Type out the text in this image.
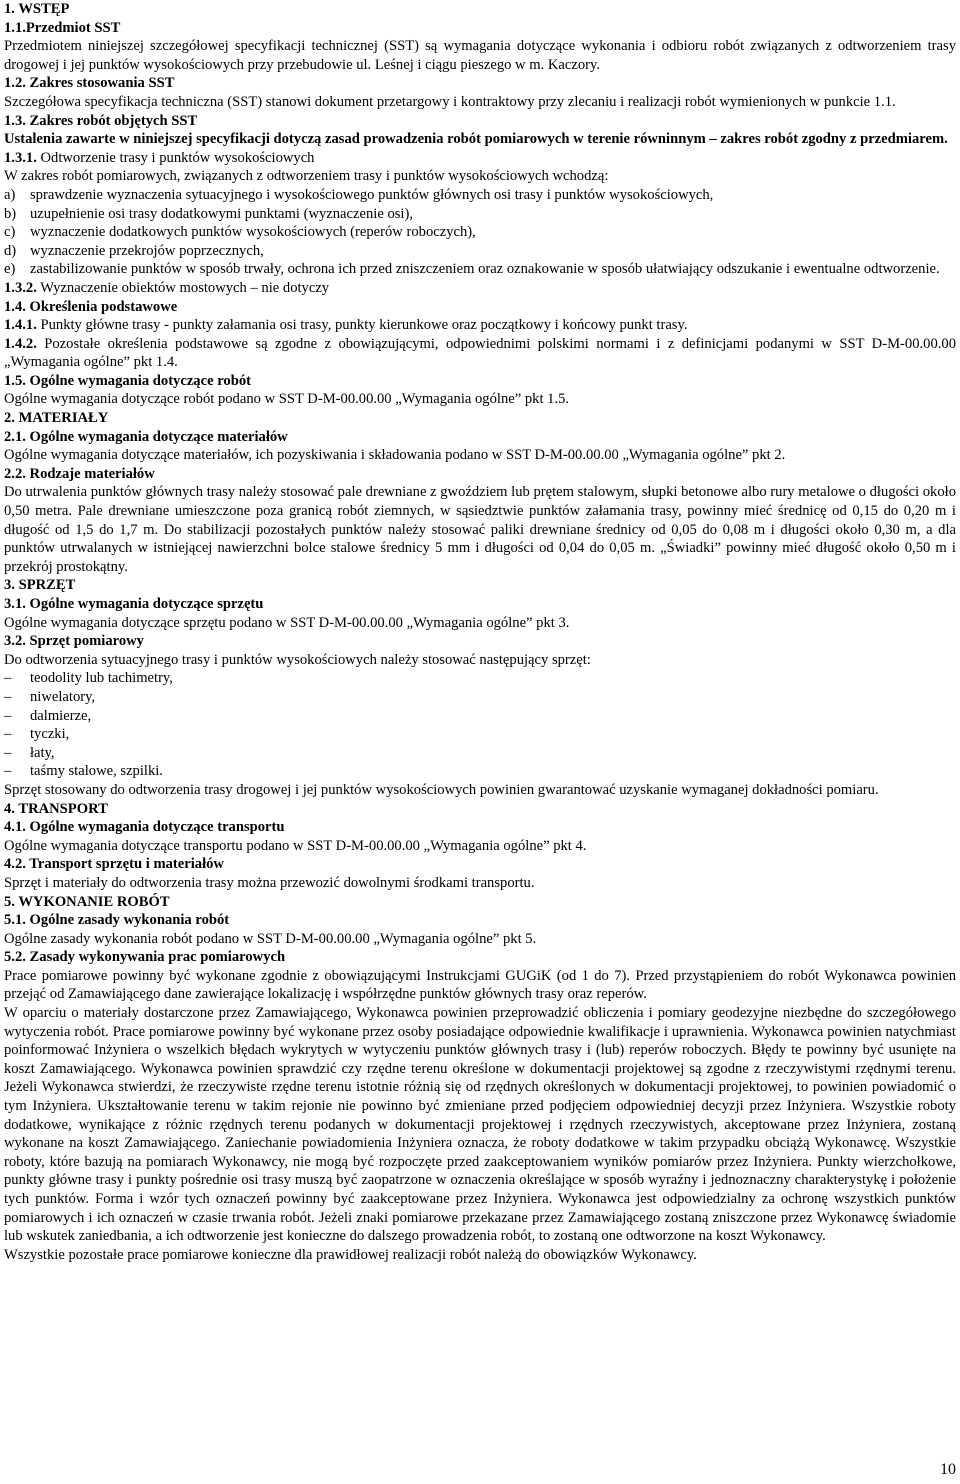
1. WSTĘP

1.1.Przedmiot SST

Przedmiotem niniejszej szczegółowej specyfikacji technicznej (SST) są wymagania dotyczące wykonania i odbioru robót związanych z odtworzeniem trasy drogowej i jej punktów wysokościowych przy przebudowie ul. Leśnej i ciągu pieszego w m. Kaczory.

1.2. Zakres stosowania SST

Szczegółowa specyfikacja techniczna (SST) stanowi dokument przetargowy i kontraktowy przy zlecaniu i realizacji robót wymienionych w punkcie 1.1.

1.3. Zakres robót objętych SST

Ustalenia zawarte w niniejszej specyfikacji dotyczą zasad prowadzenia robót pomiarowych w terenie równinnym – zakres robót zgodny z przedmiarem.

1.3.1. Odtworzenie trasy i punktów wysokościowych

W zakres robót pomiarowych, związanych z odtworzeniem trasy i punktów wysokościowych wchodzą:

a)	sprawdzenie wyznaczenia sytuacyjnego i wysokościowego punktów głównych osi trasy i punktów wysokościowych,
b) uzupełnienie osi trasy dodatkowymi punktami (wyznaczenie osi),
c)	wyznaczenie dodatkowych punktów wysokościowych (reperów roboczych),
d) wyznaczenie przekrojów poprzecznych,
e)	zastabilizowanie punktów w sposób trwały, ochrona ich przed zniszczeniem oraz oznakowanie w sposób ułatwiający odszukanie i ewentualne odtworzenie.

1.3.2. Wyznaczenie obiektów mostowych – nie dotyczy

1.4. Określenia podstawowe

1.4.1. Punkty główne trasy - punkty załamania osi trasy, punkty kierunkowe oraz początkowy i końcowy punkt trasy.

1.4.2. Pozostałe określenia podstawowe są zgodne z obowiązującymi, odpowiednimi polskimi normami i z definicjami podanymi w SST D-M-00.00.00 „Wymagania ogólne” pkt 1.4.

1.5. Ogólne wymagania dotyczące robót

Ogólne wymagania dotyczące robót podano w SST D-M-00.00.00 „Wymagania ogólne” pkt 1.5.

2. MATERIAŁY

2.1. Ogólne wymagania dotyczące materiałów

Ogólne wymagania dotyczące materiałów, ich pozyskiwania i składowania podano w SST D-M-00.00.00 „Wymagania ogólne” pkt 2.

2.2. Rodzaje materiałów

Do utrwalenia punktów głównych trasy należy stosować pale drewniane z gwoździem lub prętem stalowym, słupki betonowe albo rury metalowe o długości około 0,50 metra. Pale drewniane umieszczone poza granicą robót ziemnych, w sąsiedztwie punktów załamania trasy, powinny mieć średnicę od 0,15 do 0,20 m i długość od 1,5 do 1,7 m. Do stabilizacji pozostałych punktów należy stosować paliki drewniane średnicy od 0,05 do 0,08 m i długości około 0,30 m, a dla punktów utrwalanych w istniejącej nawierzchni bolce stalowe średnicy 5 mm i długości od 0,04 do 0,05 m. „Świadki” powinny mieć długość około 0,50 m i przekrój prostokątny.

3. SPRZĘT

3.1. Ogólne wymagania dotyczące sprzętu

Ogólne wymagania dotyczące sprzętu podano w SST D-M-00.00.00 „Wymagania ogólne” pkt 3.

3.2. Sprzęt pomiarowy

Do odtworzenia sytuacyjnego trasy i punktów wysokościowych należy stosować następujący sprzęt:

–	teodolity lub tachimetry,
–	niwelatory,
–	dalmierze,
–	tyczki,
–	łaty,
–	taśmy stalowe, szpilki.

Sprzęt stosowany do odtworzenia trasy drogowej i jej punktów wysokościowych powinien gwarantować uzyskanie wymaganej dokładności pomiaru.

4. TRANSPORT

4.1. Ogólne wymagania dotyczące transportu

Ogólne wymagania dotyczące transportu podano w SST D-M-00.00.00 „Wymagania ogólne” pkt 4.

4.2. Transport sprzętu i materiałów

Sprzęt i materiały do odtworzenia trasy można przewozić dowolnymi środkami transportu.

5. WYKONANIE ROBÓT

5.1. Ogólne zasady wykonania robót

Ogólne zasady wykonania robót podano w SST D-M-00.00.00 „Wymagania ogólne” pkt 5.

5.2. Zasady wykonywania prac pomiarowych

Prace pomiarowe powinny być wykonane zgodnie z obowiązującymi Instrukcjami GUGiK (od 1 do 7). Przed przystąpieniem do robót Wykonawca powinien przejąć od Zamawiającego dane zawierające lokalizację i współrzędne punktów głównych trasy oraz reperów.

W oparciu o materiały dostarczone przez Zamawiającego, Wykonawca powinien przeprowadzić obliczenia i pomiary geodezyjne niezbędne do szczegółowego wytyczenia robót. Prace pomiarowe powinny być wykonane przez osoby posiadające odpowiednie kwalifikacje i uprawnienia. Wykonawca powinien natychmiast poinformować Inżyniera o wszelkich błędach wykrytych w wytyczeniu punktów głównych trasy i (lub) reperów roboczych. Błędy te powinny być usunięte na koszt Zamawiającego. Wykonawca powinien sprawdzić czy rzędne terenu określone w dokumentacji projektowej są zgodne z rzeczywistymi rzędnymi terenu. Jeżeli Wykonawca stwierdzi, że rzeczywiste rzędne terenu istotnie różnią się od rzędnych określonych w dokumentacji projektowej, to powinien powiadomić o tym Inżyniera. Ukształtowanie terenu w takim rejonie nie powinno być zmieniane przed podjęciem odpowiedniej decyzji przez Inżyniera. Wszystkie roboty dodatkowe, wynikające z różnic rzędnych terenu podanych w dokumentacji projektowej i rzędnych rzeczywistych, akceptowane przez Inżyniera, zostaną wykonane na koszt Zamawiającego. Zaniechanie powiadomienia Inżyniera oznacza, że roboty dodatkowe w takim przypadku obciążą Wykonawcę. Wszystkie roboty, które bazują na pomiarach Wykonawcy, nie mogą być rozpoczęte przed zaakceptowaniem wyników pomiarów przez Inżyniera. Punkty wierzchołkowe, punkty główne trasy i punkty pośrednie osi trasy muszą być zaopatrzone w oznaczenia określające w sposób wyraźny i jednoznaczny charakterystykę i położenie tych punktów. Forma i wzór tych oznaczeń powinny być zaakceptowane przez Inżyniera. Wykonawca jest odpowiedzialny za ochronę wszystkich punktów pomiarowych i ich oznaczeń w czasie trwania robót. Jeżeli znaki pomiarowe przekazane przez Zamawiającego zostaną zniszczone przez Wykonawcę świadomie lub wskutek zaniedbania, a ich odtworzenie jest konieczne do dalszego prowadzenia robót, to zostaną one odtworzone na koszt Wykonawcy.

Wszystkie pozostałe prace pomiarowe konieczne dla prawidłowej realizacji robót należą do obowiązków Wykonawcy.

10
